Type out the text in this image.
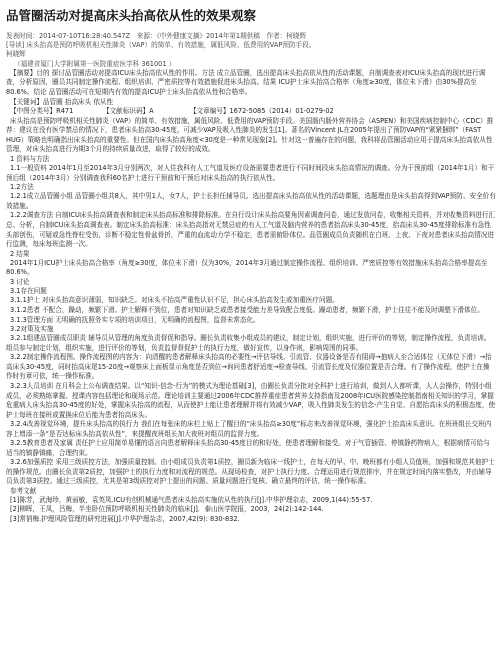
品管圈活动对提高床头抬高依从性的效果观察

发表时间：2014-07-10T16:28:40.547Z　来源：《中外健康文摘》2014年第1期供稿　作者：柯晓辉

[导读] 床头抬高是预防呼吸机相关性肺炎（VAP）的简单、有效措施，属低风险、低费用的VAP预防手段。

柯晓辉

（福建省厦门大学附属第一医院重症医学科 361001 ）

【摘要】目的 探讨品管圈活动对提高ICU床头抬高依从性的作用。方法 成立品管圈，选出提高床头抬高依从性的活动课题，自制调查表对ICU床头抬高的现状进行调查，分析原因，圈员共同制定操作流程、组织培训、严密质控等有效措施促进床头抬高。结果 ICU护士床头抬高合格率（角度≥30度，体位未下滑）由30%提高至80.6%。结论 品管圈活动可在短期内有效的提高ICU护士床头抬高依从性和合格率。

【关键词】品管圈 抬高床头 依从性

【中图分类号】R471　　　　　【文献标识码】A　　　　　　【文章编号】1672-5085（2014）01-0279-02

床头抬高是预防呼吸机相关性肺炎（VAP）的简单、有效措施，属低风险、低费用的VAP预防手段。美国肠内肠外营养协会（ASPEN）和美国疾病控制中心（CDC）推荐：建议在没有医学禁忌的情况下，患者床头抬高30-45度，可减少VAP及吸入性肺炎的发生[1]。著名的Vincent JL在2005年提出了预防VAP的“紧紧捆绑”（FAST HUG）策略也明确指出床头抬高的重要性。但在国内床头抬高角度<30度是一种常见现象[2]。针对这一普遍存在的问题，我科将品管圈活动应用于提高床头抬高依从性管理，对床头抬高进行为期3个月的持续质量改进，取得了较好的成效。

1 资料与方法

1.1一般资料 2014年1月至2014年3月分别两次，对人住我科有人工气道及医疗设备需要患者进行不同时间段床头抬高情况的调查。分为干预前组（2014年1月）和干预后组（2014年3月）分别调查我科60名护士进行干预前和干预后对床头抬高的执行依从性。

1.2方法

1.2.1成立品管圈小组 品管圈小组共8人，其中男1人，女7人，护士长担任辅导员。选出提高床头抬高依从性的活动课题，选题理由是床头抬高得到VAP预防、安全价有效措施。

1.2.2调查方法 自制ICU床头抬高调查表和制定床头抬高标准和排除标准。在自行设计床头抬高要角因素调查问卷，通过发放问卷，收集相关资料，并对收集资料进行汇总、分析，自制ICU床头抬高调查表。制定床头抬高标准：床头抬高指对无禁忌症的有人工气道及脑内营养的患者抬高床头30-45度，抬高床头30-45度排除标准有急性头部创伤，可疑或急性脊柱受伤，诊断不稳定性骨盆骨折，严重的血流动力学不稳定，患者需俯卧体位。品管圈成员负责随机在白班、上夜、下夜对患者床头抬高情况进行监测，每床每班监测一次。

2 结果

2014年1月ICU护士床头抬高合格率（角度≥30度，体位未下滑）仅为30%，2014年3月通过制定操作流程、组织培训、严密质控等有效措施床头抬高合格率提高至80.6%。

3 讨论

3.1存在问题

3.1.1护士 对床头抬高意识薄弱，知识缺乏。对床头不抬高严重性认识不足，担心床头抬高发生或加重医疗问题。

3.1.2患者 不配合，躁动，频繁下滑。护士解释不到位，患者对知识缺乏或患者接受能力差导致配合度低。躁动患者，频繁下滑，护士往往不能及时调整下滑体位。

3.1.3管理方面 无明确的抚照务实专项的培训项目，无明确的流程图，监督未常态化。

3.2对策及实施

3.2.1组建品管圈成员职责 辅导员从管理的角度负责督促和指导。圈长负责收集小组成员的建议，制定计划，组织实施，进行评价的等划，制定操作流程，负责培训。组员参与制定计划，组织实施，进行评价的等划，负责监督督促护士的执行力度，做好宣传，以身作则，影响周围的同事。

3.2.2制定操作流程图。操作流程图的内容为：向清醒的患者解释床头抬高的必要性→评估导线、引流管、仪器设备是否有阻碍→抱病人至合适体位（无体位下滑）→抬高床头30-45度，同时抬高床尾15-20度→观察床上面板显示角度是否到位→询问患者舒适度→检查导线、引流管长度及仪器位置是否合理。有了操作流程，使护士在操作时有章可依，统一操作标准。

3.2.3人员培训 在月科会上公布调查结果。以“知识-信念-行为”的模式为理论基础[3]，由圈长负责分批对全科护士进行培训，做到人人都听课，人人会操作，特别小组成员，必须熟练掌握。授课内容包括理论和现场示范。理论培训主要通过2006年CDC推荐重症患者营养支持指南及2008年ICU医院感染控制指南相关知识的学习，掌握危重病人床头抬高30-45度的好处，掌握床头抬高的流程，从而使护士能让患者理解并将有效减少VAP，吸入性肺炎发生的信念-产生自觉、自愿抬高床头的积极态度，使护士每班在接班或置换床位后能为患者抬高床头。

3.2.4改善视觉环境，提升床头抬高的执行力 我们在每张床的床栏上贴上了醒目的“床头抬高≥30度”标志来改善视觉环境，强化护士抬高床头意识。在班班组长交班内容上增添一条“是否达标床头抬高依从性”，来提醒夜班组长加大夜班对组员的监督力度。

3.2.5教育患者及家属 责任护士应用简单易懂的语言向患者解释床头抬高30-45度目的和好处，使患者理解和接受。对于气管插管、停镇静药物病人，根据病情可给与适当的镇静镇痛，合理约束。

3.2.6加强质控 采用三级质控方法，加强质量控制。由小组成员负责第1质控，圈员新为临床一线护士，在每天的早、中、晚班都有小组人员值班，加强和规范其他护士的操作规范。由圈长负责第2质控，加强护士的执行力度和对流程的规范。从现场检查，对护士执行力度、合理运用进行规范排序，并在规定时间内落实整改，并由辅导员负责第3质控。通过三级质控，尤其是第3级质控对护士提出的问题、质量问题进行复核、确立最终的评估，统一操作标准。

参考文献

[1]陈芳，武海珍，黄丽敏，袁英凤.ICU有创机械通气患者床头抬高实施依从性的执行[J].中华护理杂志，2009,1(44):55-57.

[2]柳晖，王凤，吕梅，半坐卧位预防呼吸机相关性肺炎的临床[J]．泰山医学院报，2003，24(2):142-144.

[3]常俏梅.护理风险管理的研究进展[J].中华护理杂志，2007,42(9): 830-832.
